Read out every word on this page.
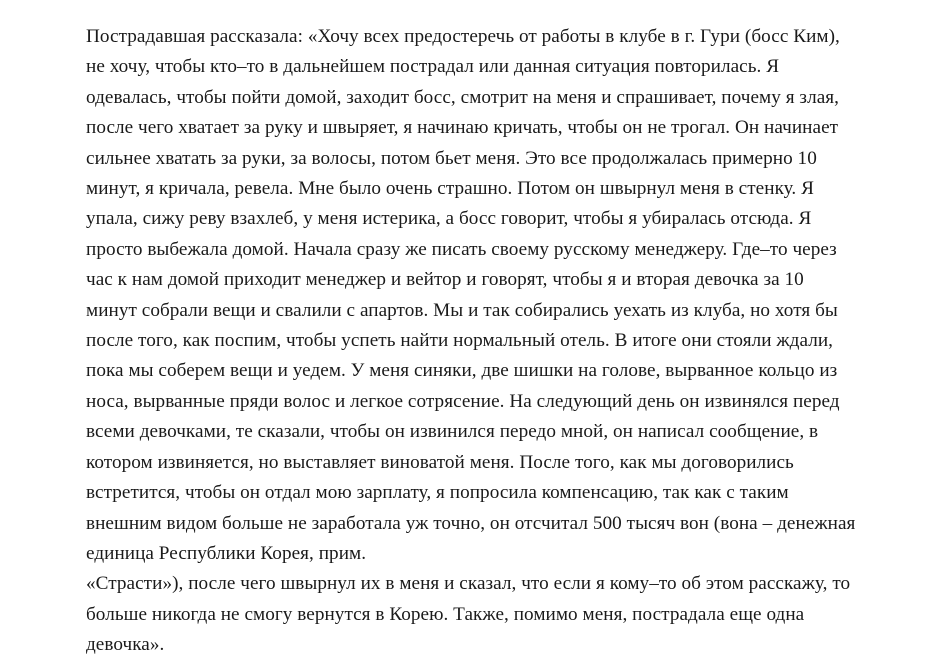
Пострадавшая рассказала: «Хочу всех предостеречь от работы в клубе в г. Гури (босс Ким), не хочу, чтобы кто–то в дальнейшем пострадал или данная ситуация повторилась. Я одевалась, чтобы пойти домой, заходит босс, смотрит на меня и спрашивает, почему я злая, после чего хватает за руку и швыряет, я начинаю кричать, чтобы он не трогал. Он начинает сильнее хватать за руки, за волосы, потом бьет меня. Это все продолжалась примерно 10 минут, я кричала, ревела. Мне было очень страшно. Потом он швырнул меня в стенку. Я упала, сижу реву взахлеб, у меня истерика, а босс говорит, чтобы я убиралась отсюда. Я просто выбежала домой. Начала сразу же писать своему русскому менеджеру. Где–то через час к нам домой приходит менеджер и вейтор и говорят, чтобы я и вторая девочка за 10 минут собрали вещи и свалили с апартов. Мы и так собирались уехать из клуба, но хотя бы после того, как поспим, чтобы успеть найти нормальный отель. В итоге они стояли ждали, пока мы соберем вещи и уедем. У меня синяки, две шишки на голове, вырванное кольцо из носа, вырванные пряди волос и легкое сотрясение. На следующий день он извинялся перед всеми девочками, те сказали, чтобы он извинился передо мной, он написал сообщение, в котором извиняется, но выставляет виноватой меня. После того, как мы договорились встретится, чтобы он отдал мою зарплату, я попросила компенсацию, так как с таким внешним видом больше не заработала уж точно, он отсчитал 500 тысяч вон (вона – денежная единица Республики Корея, прим.
«Страсти»), после чего швырнул их в меня и сказал, что если я кому–то об этом расскажу, то больше никогда не смогу вернутся в Корею. Также, помимо меня, пострадала еще одна девочка».
